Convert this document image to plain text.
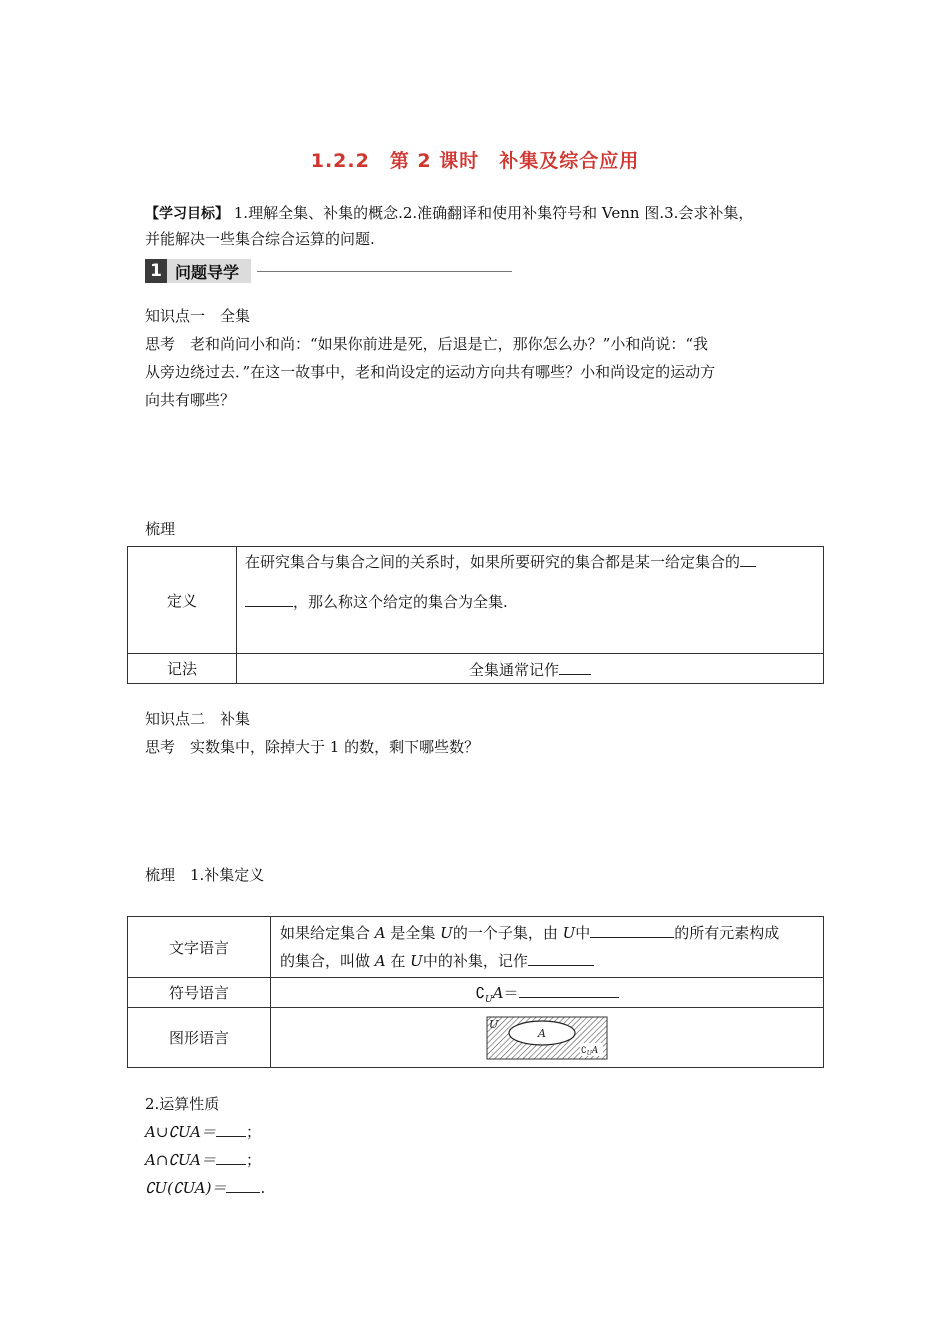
1.2.2　第 2 课时　补集及综合应用
【学习目标】 1.理解全集、补集的概念.2.准确翻译和使用补集符号和 Venn 图.3.会求补集，
并能解决一些集合综合运算的问题.
1 问题导学
知识点一　全集
思考　老和尚问小和尚：“如果你前进是死，后退是亡，那你怎么办？”小和尚说：“我
从旁边绕过去．”在这一故事中，老和尚设定的运动方向共有哪些？小和尚设定的运动方
向共有哪些？
梳理
定义	在研究集合与集合之间的关系时，如果所要研究的集合都是某一给定集合的
，那么称这个给定的集合为全集.

记法	全集通常记作
知识点二　补集
思考　实数集中，除掉大于 1 的数，剩下哪些数？
梳理　1.补集定义
文字语言	如果给定集合 A 是全集 U的一个子集，由 U中 的所有元素构成
的集合，叫做 A 在 U中的补集，记作

符号语言	$∁_UA=$
图形语言	U
A
$∁_UA$
2.运算性质
A∪∁UA＝ ；
A∩∁UA＝ ；
∁U(∁UA)＝ .
